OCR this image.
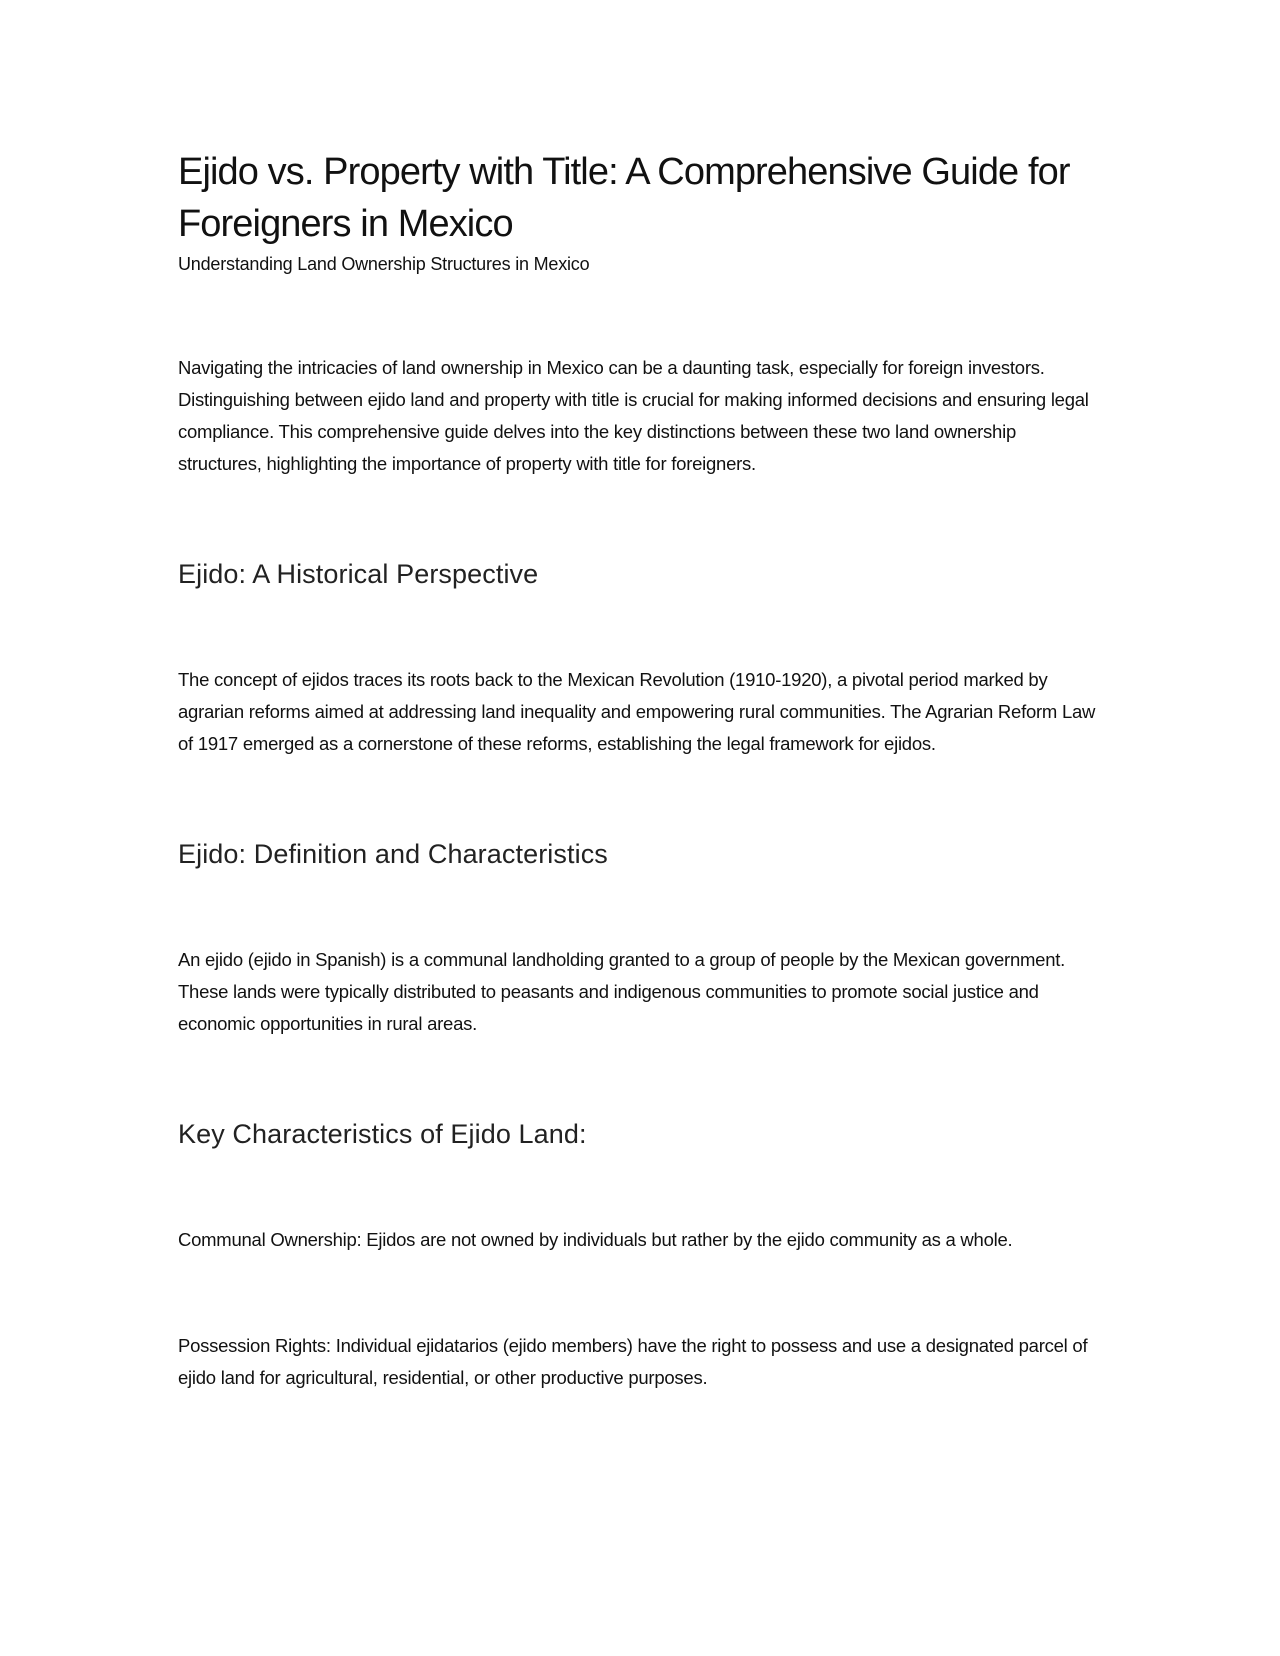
Ejido vs. Property with Title: A Comprehensive Guide for Foreigners in Mexico

Understanding Land Ownership Structures in Mexico

Navigating the intricacies of land ownership in Mexico can be a daunting task, especially for foreign investors. Distinguishing between ejido land and property with title is crucial for making informed decisions and ensuring legal compliance. This comprehensive guide delves into the key distinctions between these two land ownership structures, highlighting the importance of property with title for foreigners.

Ejido: A Historical Perspective

The concept of ejidos traces its roots back to the Mexican Revolution (1910-1920), a pivotal period marked by agrarian reforms aimed at addressing land inequality and empowering rural communities. The Agrarian Reform Law of 1917 emerged as a cornerstone of these reforms, establishing the legal framework for ejidos.

Ejido: Definition and Characteristics

An ejido (ejido in Spanish) is a communal landholding granted to a group of people by the Mexican government. These lands were typically distributed to peasants and indigenous communities to promote social justice and economic opportunities in rural areas.

Key Characteristics of Ejido Land:

Communal Ownership: Ejidos are not owned by individuals but rather by the ejido community as a whole.

Possession Rights: Individual ejidatarios (ejido members) have the right to possess and use a designated parcel of ejido land for agricultural, residential, or other productive purposes.
